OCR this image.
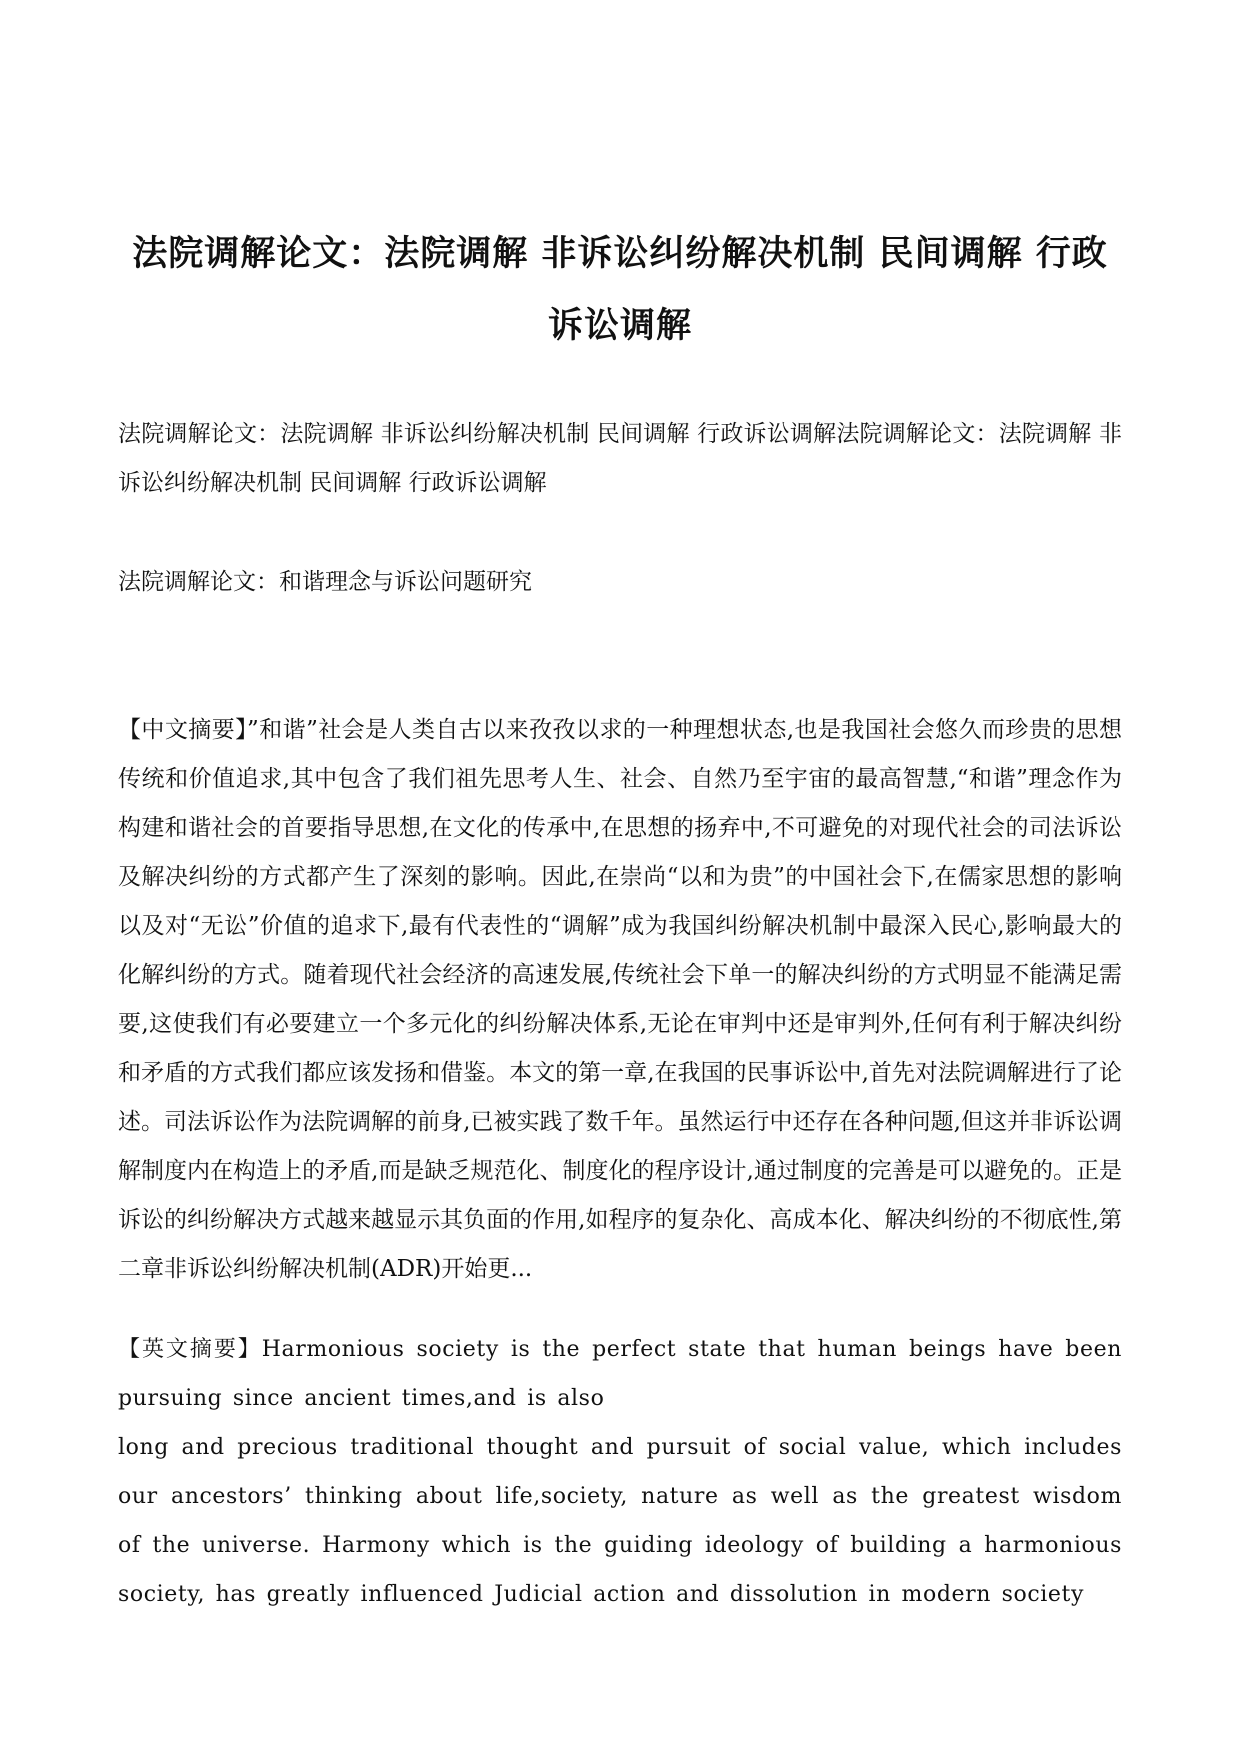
法院调解论文：法院调解 非诉讼纠纷解决机制 民间调解 行政诉讼调解

法院调解论文：法院调解 非诉讼纠纷解决机制 民间调解 行政诉讼调解法院调解论文：法院调解 非诉讼纠纷解决机制 民间调解 行政诉讼调解

法院调解论文：和谐理念与诉讼问题研究

【中文摘要】”和谐”社会是人类自古以来孜孜以求的一种理想状态,也是我国社会悠久而珍贵的思想传统和价值追求,其中包含了我们祖先思考人生、社会、自然乃至宇宙的最高智慧,“和谐”理念作为构建和谐社会的首要指导思想,在文化的传承中,在思想的扬弃中,不可避免的对现代社会的司法诉讼及解决纠纷的方式都产生了深刻的影响。因此,在崇尚“以和为贵”的中国社会下,在儒家思想的影响以及对“无讼”价值的追求下,最有代表性的“调解”成为我国纠纷解决机制中最深入民心,影响最大的化解纠纷的方式。随着现代社会经济的高速发展,传统社会下单一的解决纠纷的方式明显不能满足需要,这使我们有必要建立一个多元化的纠纷解决体系,无论在审判中还是审判外,任何有利于解决纠纷和矛盾的方式我们都应该发扬和借鉴。本文的第一章,在我国的民事诉讼中,首先对法院调解进行了论述。司法诉讼作为法院调解的前身,已被实践了数千年。虽然运行中还存在各种问题,但这并非诉讼调解制度内在构造上的矛盾,而是缺乏规范化、制度化的程序设计,通过制度的完善是可以避免的。正是诉讼的纠纷解决方式越来越显示其负面的作用,如程序的复杂化、高成本化、解决纠纷的不彻底性,第二章非诉讼纠纷解决机制(ADR)开始更...

【英文摘要】Harmonious society is the perfect state that human beings have been pursuing since ancient times,and is also
long and precious traditional thought and pursuit of social value, which includes our ancestors’ thinking about life,society, nature as well as the greatest wisdom of the universe. Harmony which is the guiding ideology of building a harmonious society, has greatly influenced Judicial action and dissolution in modern society
